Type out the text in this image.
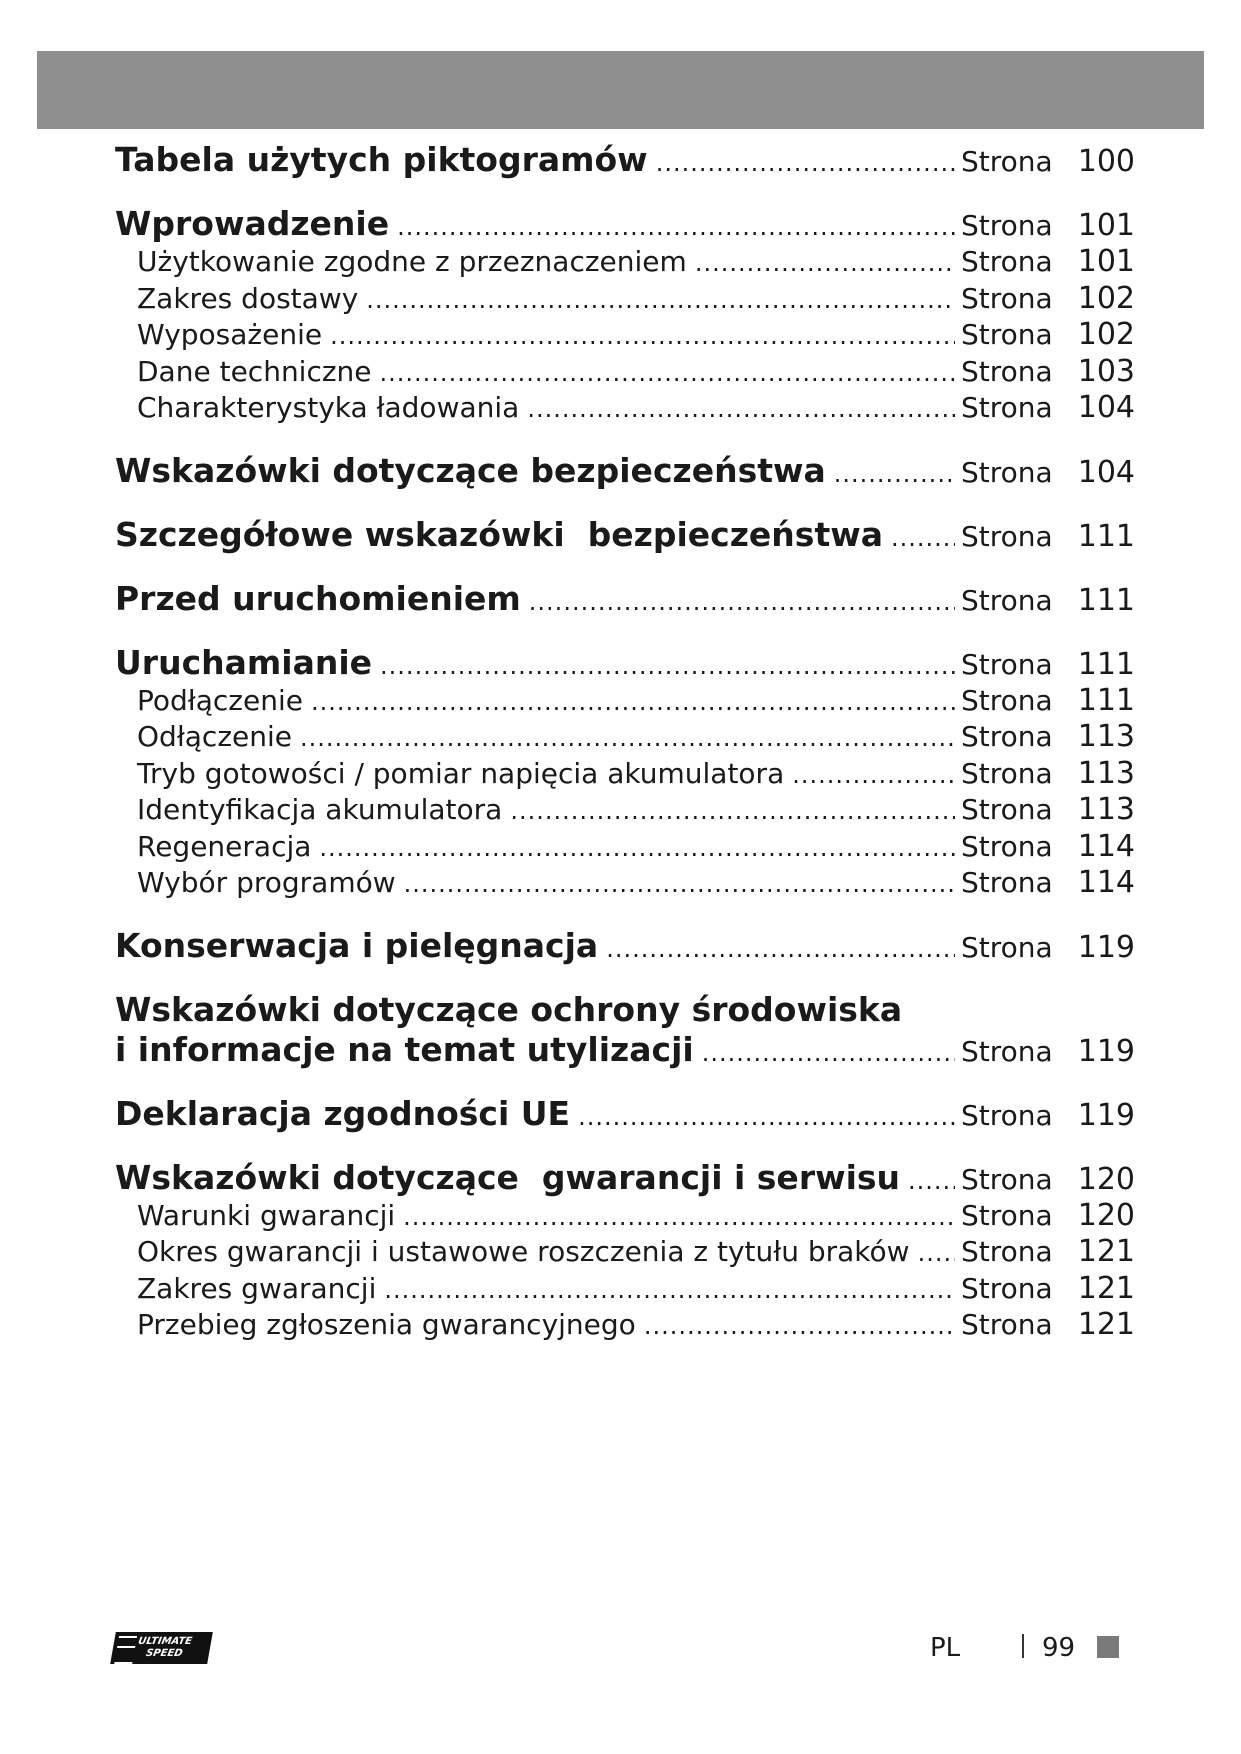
Tabela użytych piktogramów .....	Strona 100
Wprowadzenie .....	Strona 101
Użytkowanie zgodne z przeznaczeniem .....	Strona 101
Zakres dostawy .....	Strona 102
Wyposażenie .....	Strona 102
Dane techniczne .....	Strona 103
Charakterystyka ładowania .....	Strona 104
Wskazówki dotyczące bezpieczeństwa .....	Strona 104
Szczegółowe wskazówki  bezpieczeństwa .....	Strona 111
Przed uruchomieniem .....	Strona 111
Uruchamianie .....	Strona 111
Podłączenie .....	Strona 111
Odłączenie .....	Strona 113
Tryb gotowości / pomiar napięcia akumulatora .....	Strona 113
Identyfikacja akumulatora .....	Strona 113
Regeneracja .....	Strona 114
Wybór programów .....	Strona 114
Konserwacja i pielęgnacja .....	Strona 119
Wskazówki dotyczące ochrony środowiska
i informacje na temat utylizacji .....	Strona 119
Deklaracja zgodności UE .....	Strona 119
Wskazówki dotyczące  gwarancji i serwisu ..... Strona 120
Warunki gwarancji .....	Strona 120
Okres gwarancji i ustawowe roszczenia z tytułu braków ..... Strona 121
Zakres gwarancji .....	Strona 121
Przebieg zgłoszenia gwarancyjnego .....	Strona 121
ULTIMATE
SPEED	PL	99
